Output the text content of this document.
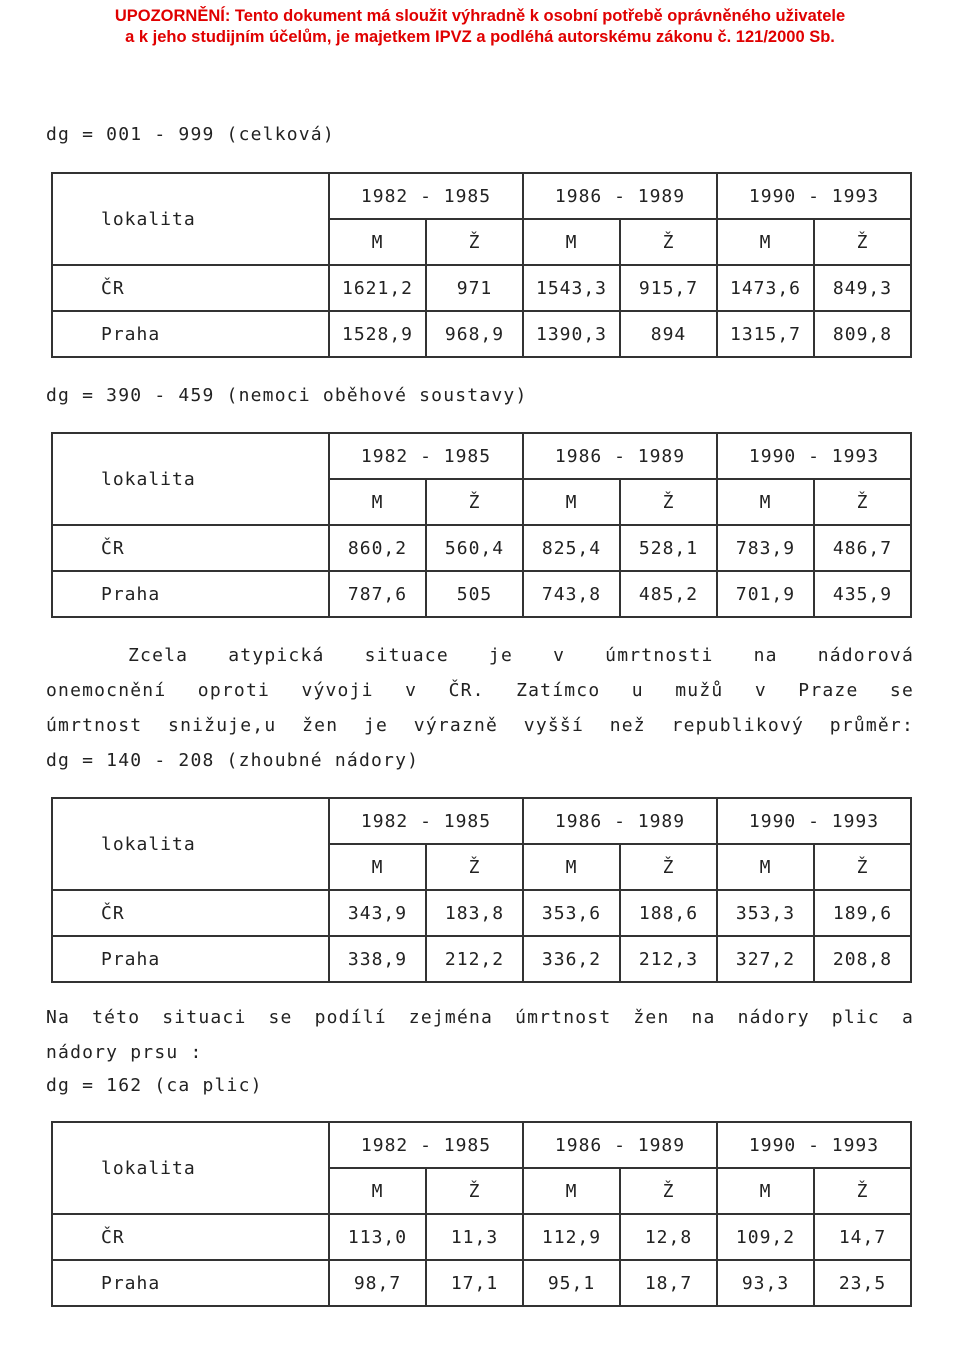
UPOZORNĚNÍ: Tento dokument má sloužit výhradně k osobní potřebě oprávněného uživatele
a k jeho studijním účelům, je majetkem IPVZ a podléhá autorskému zákonu č. 121/2000 Sb.
dg = 001 - 999 (celková)
lokalita	1982 - 1985		1986 - 1989		1990 - 1993	
	M	Ž	M	Ž	M	Ž
ČR	1621,2	971	1543,3	915,7	1473,6	849,3
Praha	1528,9	968,9	1390,3	894	1315,7	809,8
dg = 390 - 459 (nemoci oběhové soustavy)
lokalita	1982 - 1985		1986 - 1989		1990 - 1993	
	M	Ž	M	Ž	M	Ž
ČR	860,2	560,4	825,4	528,1	783,9	486,7
Praha	787,6	505	743,8	485,2	701,9	435,9
Zcela atypická situace je v úmrtnosti na nádorová
onemocnění oproti vývoji v ČR. Zatímco u mužů v Praze se
úmrtnost snižuje,u žen je výrazně vyšší než republikový průměr:
dg = 140 - 208 (zhoubné nádory)
lokalita	1982 - 1985		1986 - 1989		1990 - 1993	
	M	Ž	M	Ž	M	Ž
ČR	343,9	183,8	353,6	188,6	353,3	189,6
Praha	338,9	212,2	336,2	212,3	327,2	208,8
Na této situaci se podílí zejména úmrtnost žen na nádory plic a
nádory prsu :
dg = 162 (ca plic)
lokalita	1982 - 1985		1986 - 1989		1990 - 1993	
	M	Ž	M	Ž	M	Ž
ČR	113,0	11,3	112,9	12,8	109,2	14,7
Praha	98,7	17,1	95,1	18,7	93,3	23,5
